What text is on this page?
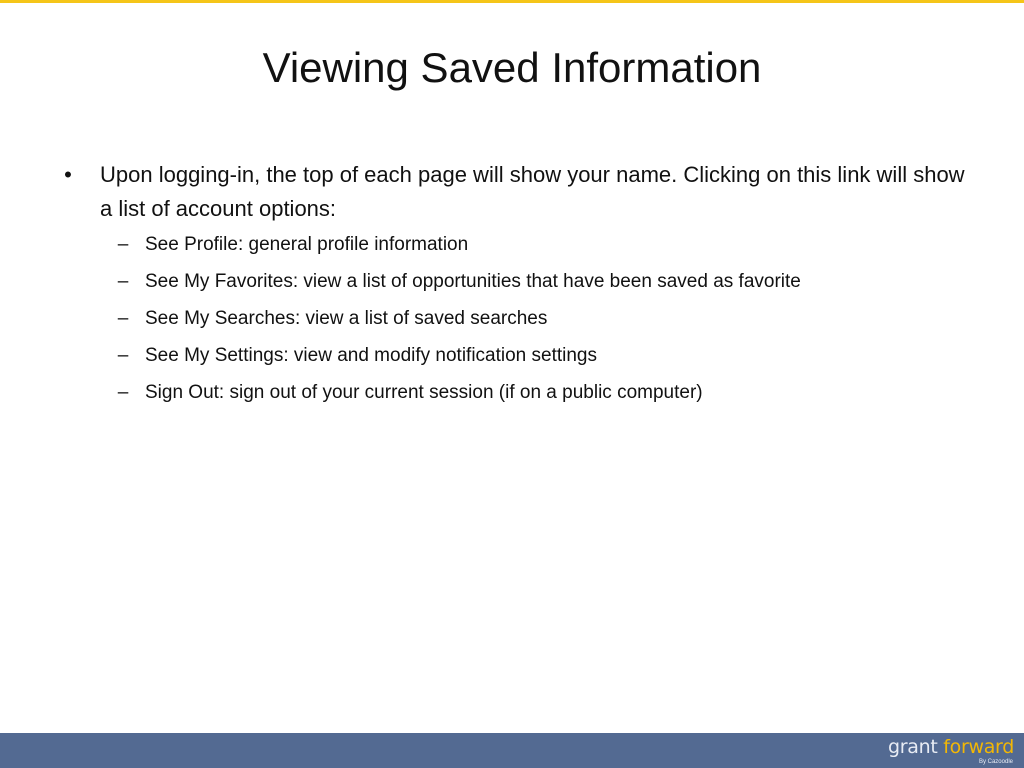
Viewing Saved Information
• Upon logging-in, the top of each page will show your name. Clicking on this link will show a list of account options:
– See Profile: general profile information
– See My Favorites: view a list of opportunities that have been saved as favorite
– See My Searches: view a list of saved searches
– See My Settings: view and modify notification settings
– Sign Out: sign out of your current session (if on a public computer)
grant forward
By Cazoodle
